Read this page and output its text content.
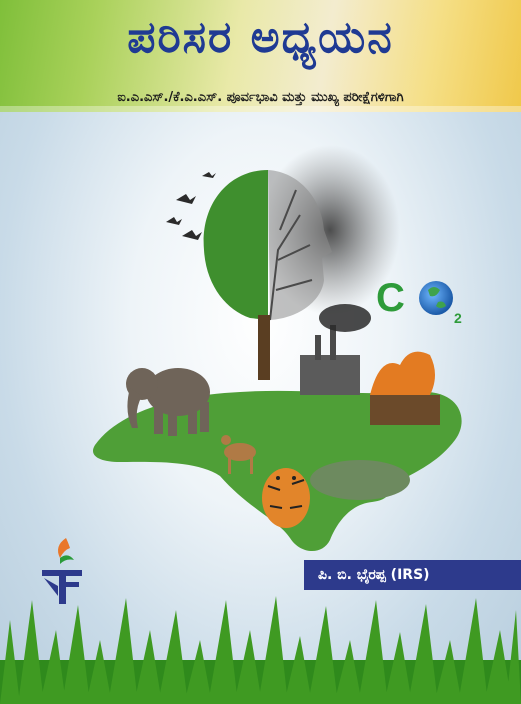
ಪರಿಸರ ಅಧ್ಯಯನ
ಐ.ಎ.ಎಸ್./ಕೆ.ಎ.ಎಸ್. ಪೂರ್ವಭಾವಿ ಮತ್ತು ಮುಖ್ಯ ಪರೀಕ್ಷೆಗಳಿಗಾಗಿ
C	2
ಪಿ. ಬಿ. ಭೈರಪ್ಪ (IRS)
